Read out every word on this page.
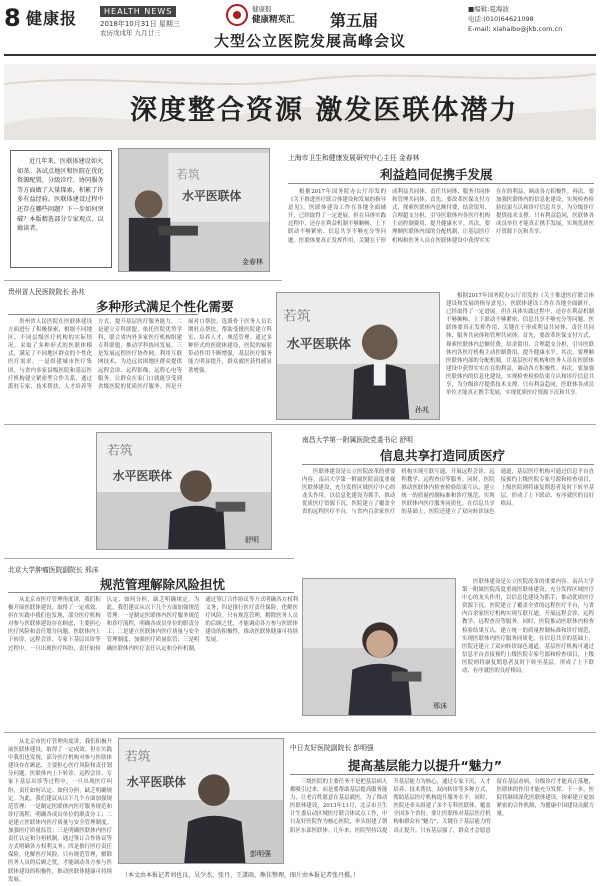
8 健康报	HEALTH NEWS
2018年10月31日 星期三
农历戊戌年 九月廿三
健康报
健康精英汇 第五届
大型公立医院发展高峰会议
■编辑:夏海波
电话:(010)64621098
E-mail: xiahaibo@jkb.com.cn
深度整合资源 激发医联体潜力

近几年来，医联体建设如火如荼。各试点地区和医院在优化资源配置、分级诊疗、协同服务等方面做了大量探索，积累了许多有益经验。医联体建设过程中还存在哪些问题？下一步如何突破？本版精选部分专家观点，以飨读者。

若筑
水平医联体
金春林
上海市卫生和健康发展研究中心主任 金春林
利益趋同促携手发展

根据2017年国务院办公厅印发的《关于推进医疗联合体建设和发展的指导意见》，医联体建设工作在各地全面铺开，已经取得了一定进展。但在具体实践过程中，还存在利益机制不够顺畅、上下联动不够紧密、信息共享不够充分等问题。医联体要真正发挥作用，关键在于形成利益共同体、责任共同体、服务共同体和管理共同体。首先，要改革医保支付方式，探索医联体内总额付费，结余留用、合理超支分担，引导医联体内各医疗机构主动控制费用、提升健康水平。其次，要理顺医联体内部的分配机制，让基层医疗机构和医务人员在医联体建设中获得实实在在的利益，调动各方积极性。再次，要加强医联体内的信息化建设，实现检查检验结果互认和诊疗信息共享，为分级诊疗提供技术支撑。只有利益趋同，医联体各成员单位才能真正携手发展，实现优质医疗资源下沉和共享。

贵州省人民医院院长 孙兆
多种形式满足个性化需要

贵州省人民医院在医联体建设方面进行了积极探索，根据不同地区、不同层级医疗机构的实际情况，采取了多种形式的医联体模式，满足了不同地区群众的个性化医疗需求。一是组建城市医疗集团，与省内多家县级医院和基层医疗机构建立紧密型合作关系，通过派驻专家、技术帮扶、人才培养等方式，提升基层医疗服务能力。二是建立专科联盟，依托医院优势学科，联合省内外多家医疗机构组建专科联盟，推动学科协同发展。三是发展远程医疗协作网，利用互联网技术，为边远贫困地区群众提供远程会诊、远程影像、远程心电等服务，让群众在家门口就能享受到省级医院的优质医疗服务。四是开展对口帮扶，选派骨干医务人员长期驻点帮扶，帮助受援医院建立科室、培养人才、规范管理。通过多种形式的医联体建设，医院的辐射带动作用不断增强，基层医疗服务能力明显提升，群众就医获得感显著增强。

若筑
水平医联体
孙兆

根据2017年国务院办公厅印发的《关于推进医疗联合体建设和发展的指导意见》，医联体建设工作在各地全面铺开，已经取得了一定进展。但在具体实践过程中，还存在利益机制不够顺畅、上下联动不够紧密、信息共享不够充分等问题。医联体要真正发挥作用，关键在于形成利益共同体、责任共同体、服务共同体和管理共同体。首先，要改革医保支付方式，探索医联体内总额付费，结余留用、合理超支分担，引导医联体内各医疗机构主动控制费用、提升健康水平。其次，要理顺医联体内部的分配机制，让基层医疗机构和医务人员在医联体建设中获得实实在在的利益，调动各方积极性。再次，要加强医联体内的信息化建设，实现检查检验结果互认和诊疗信息共享，为分级诊疗提供技术支撑。只有利益趋同，医联体各成员单位才能真正携手发展，实现优质医疗资源下沉和共享。

若筑
水平医联体
舒明
南昌大学第一附属医院党委书记 舒明
信息共享打造同质医疗

医联体建设是公立医院改革的重要内容。南昌大学第一附属医院高度重视医联体建设，充分发挥区域医疗中心的龙头作用，以信息化建设为抓手，推动优质医疗资源下沉。医院建立了覆盖全省的远程医疗平台，与省内百余家医疗机构实现互联互通，开展远程会诊、远程教学、远程查房等服务。同时，医院推动医联体内检查检验结果互认，建立统一的质量控制标准和诊疗规范，实现医联体内医疗服务同质化。在信息共享的基础上，医院还建立了双向转诊绿色通道，基层医疗机构可通过信息平台直接预约上级医院专家号源和检查项目，上级医院则将康复期患者及时下转至基层，形成了上下联动、有序就医的良好格局。

北京大学肿瘤医院副院长 邢沫
规范管理解除风险担忧

从北京市医疗管理角度讲，我们积极开展医联体建设，取得了一定成效。但在实践中我们也发现，部分医疗机构对参与医联体建设存在顾虑，主要担心医疗风险和责任划分问题。医联体内上下转诊、远程会诊、专家下基层出诊等过程中，一旦出现医疗纠纷，责任如何认定、如何分担，缺乏明确规定。为此，我们建议从以下几个方面加强规范管理：一是制定医联体内医疗服务规范和诊疗流程，明确各成员单位的职责分工；二是建立医联体内医疗质量与安全管理制度，加强医疗质量监管；三是明确医联体内医疗责任认定和分担机制，通过签订合作协议等方式明确各方权利义务；四是推行医疗责任保险，化解医疗风险。只有规范管理，解除医务人员的后顾之忧，才能调动各方参与医联体建设的积极性，推动医联体健康可持续发展。

邢沫

医联体建设是公立医院改革的重要内容。南昌大学第一附属医院高度重视医联体建设，充分发挥区域医疗中心的龙头作用，以信息化建设为抓手，推动优质医疗资源下沉。医院建立了覆盖全省的远程医疗平台，与省内百余家医疗机构实现互联互通，开展远程会诊、远程教学、远程查房等服务。同时，医院推动医联体内检查检验结果互认，建立统一的质量控制标准和诊疗规范，实现医联体内医疗服务同质化。在信息共享的基础上，医院还建立了双向转诊绿色通道，基层医疗机构可通过信息平台直接预约上级医院专家号源和检查项目，上级医院则将康复期患者及时下转至基层，形成了上下联动、有序就医的良好格局。

若筑
水平医联体
彭明强
中日友好医院副院长 彭明强
提高基层能力以提升“魅力”

三级医院的主要任务不是把基层病人都吸引过来，而是要帮助基层提高服务能力，让老百姓愿意在基层就医。为了推动医联体建设，2013年11月，北京市卫生计生委启动区域医疗联合体试点工作，中日友好医院作为核心医院，牵头组建了朝阳区东部医联体。几年来，医院坚持以提升基层能力为核心，通过专家下沉、人才培养、技术帮扶、双向转诊等多种方式，帮助基层医疗机构提升服务水平。同时，医院还牵头组建了多个专科医联体，覆盖全国多个省份。要让医联体对基层医疗机构和群众有“魅力”，关键在于基层能力的真正提升。只有基层强了，群众才会愿意留在基层看病，分级诊疗才能真正落地，医联体的作用才能充分发挥。下一步，医院将继续深化医联体建设，探索建立更加紧密的合作机制，为健康中国建设贡献力量。

从北京市医疗管理角度讲，我们积极开展医联体建设，取得了一定成效。但在实践中我们也发现，部分医疗机构对参与医联体建设存在顾虑，主要担心医疗风险和责任划分问题。医联体内上下转诊、远程会诊、专家下基层出诊等过程中，一旦出现医疗纠纷，责任如何认定、如何分担，缺乏明确规定。为此，我们建议从以下几个方面加强规范管理：一是制定医联体内医疗服务规范和诊疗流程，明确各成员单位的职责分工；二是建立医联体内医疗质量与安全管理制度，加强医疗质量监管；三是明确医联体内医疗责任认定和分担机制，通过签订合作协议等方式明确各方权利义务；四是推行医疗责任保险，化解医疗风险。只有规范管理，解除医务人员的后顾之忧，才能调动各方参与医联体建设的积极性，推动医联体健康可持续发展。

（本文由本报记者刘也良、吴少杰、张丹、王潇雨、熊佳整理，图片由本报记者张丹摄。）
